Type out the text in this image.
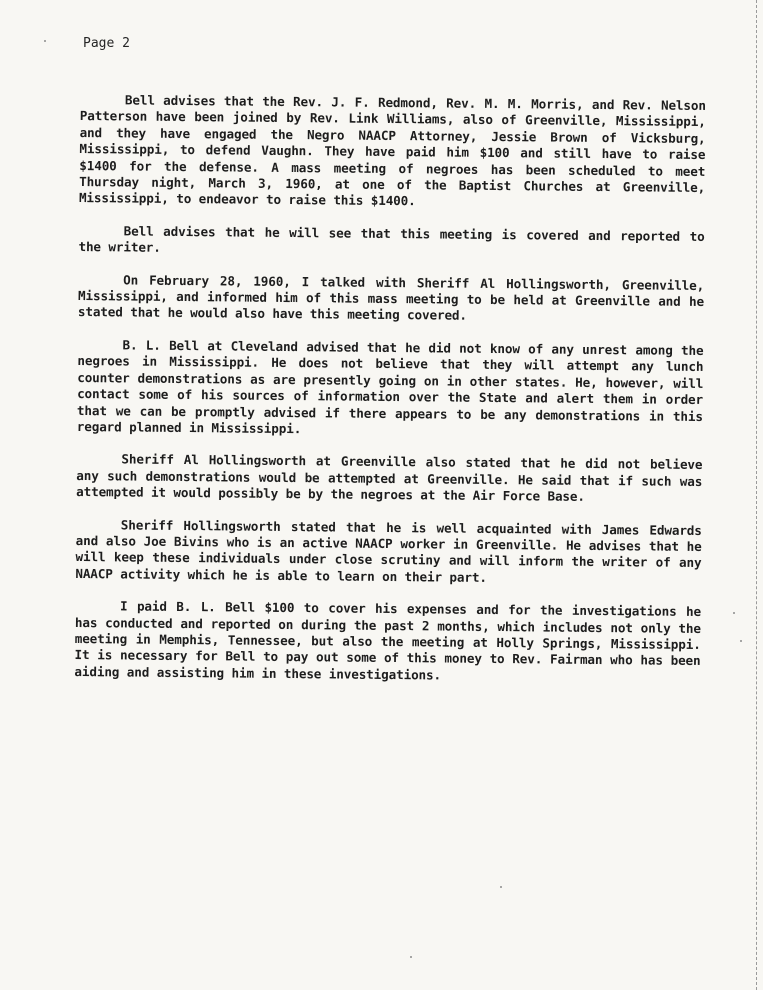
Page 2

Bell advises that the Rev. J. F. Redmond, Rev. M. M. Morris, and Rev. Nelson Patterson have been joined by Rev. Link Williams, also of Greenville, Mississippi, and they have engaged the Negro NAACP Attorney, Jessie Brown of Vicksburg, Mississippi, to defend Vaughn. They have paid him $100 and still have to raise $1400 for the defense. A mass meeting of negroes has been scheduled to meet Thursday night, March 3, 1960, at one of the Baptist Churches at Greenville, Mississippi, to endeavor to raise this $1400.

Bell advises that he will see that this meeting is covered and reported to the writer.

On February 28, 1960, I talked with Sheriff Al Hollingsworth, Greenville, Mississippi, and informed him of this mass meeting to be held at Greenville and he stated that he would also have this meeting covered.

B. L. Bell at Cleveland advised that he did not know of any unrest among the negroes in Mississippi. He does not believe that they will attempt any lunch counter demonstrations as are presently going on in other states. He, however, will contact some of his sources of information over the State and alert them in order that we can be promptly advised if there appears to be any demonstrations in this regard planned in Mississippi.

Sheriff Al Hollingsworth at Greenville also stated that he did not believe any such demonstrations would be attempted at Greenville. He said that if such was attempted it would possibly be by the negroes at the Air Force Base.

Sheriff Hollingsworth stated that he is well acquainted with James Edwards and also Joe Bivins who is an active NAACP worker in Greenville. He advises that he will keep these individuals under close scrutiny and will inform the writer of any NAACP activity which he is able to learn on their part.

I paid B. L. Bell $100 to cover his expenses and for the investigations he has conducted and reported on during the past 2 months, which includes not only the meeting in Memphis, Tennessee, but also the meeting at Holly Springs, Mississippi. It is necessary for Bell to pay out some of this money to Rev. Fairman who has been aiding and assisting him in these investigations.
